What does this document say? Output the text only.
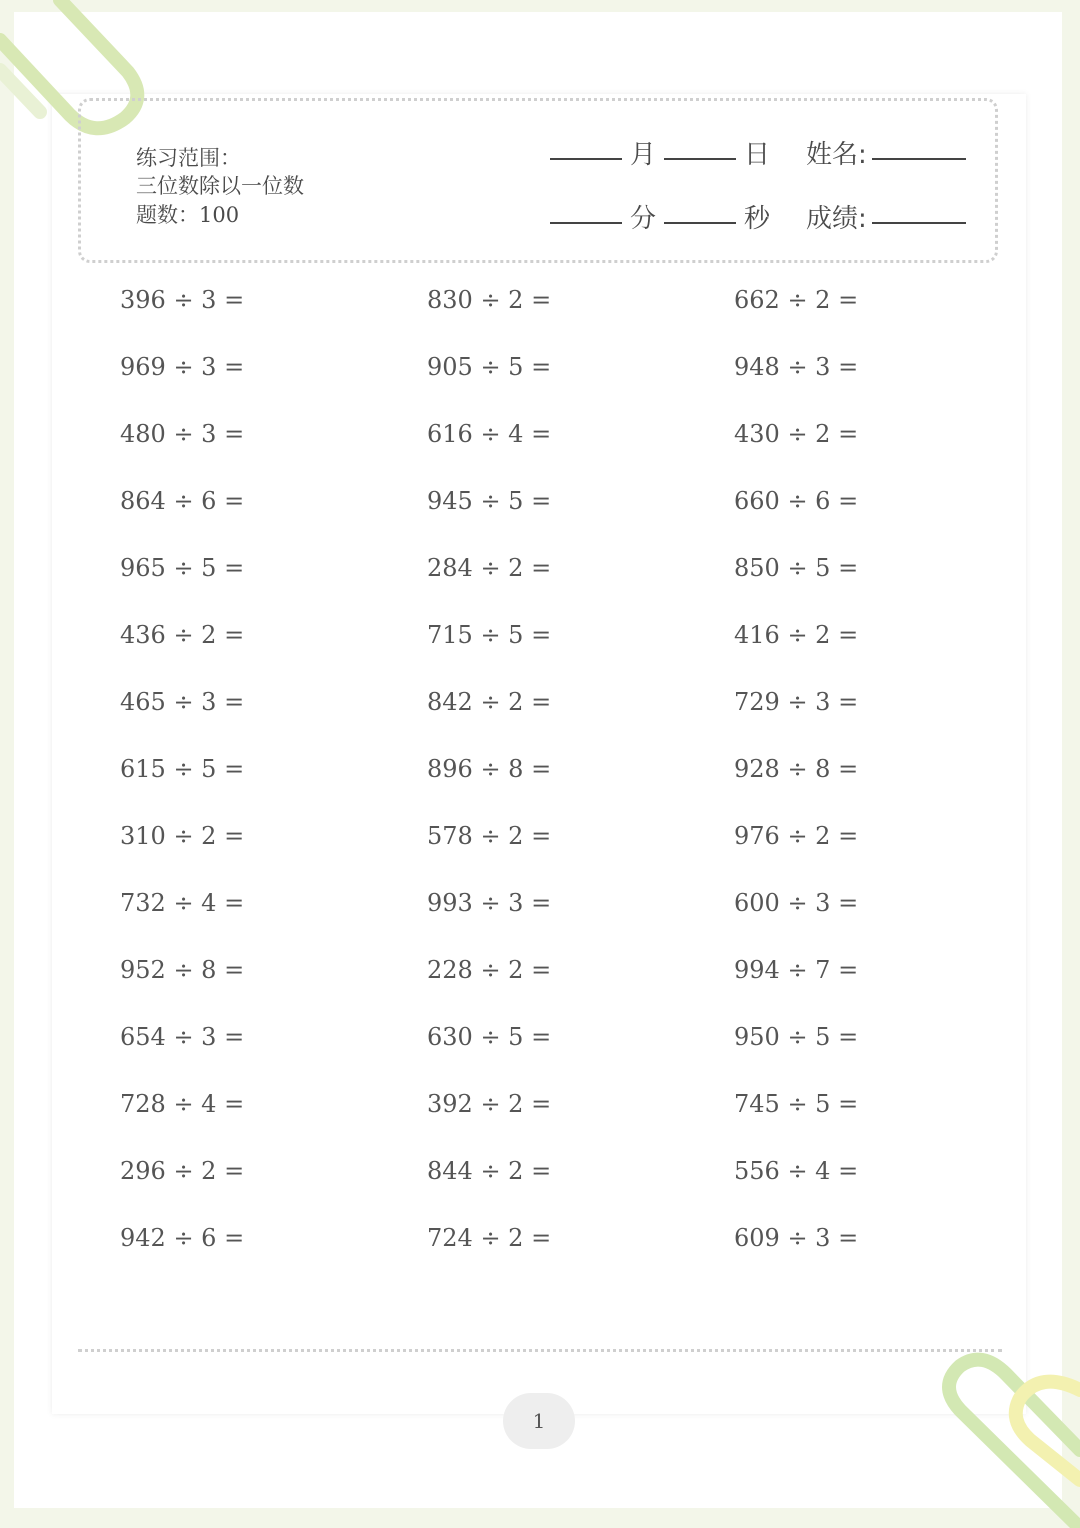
练习范围：
三位数除以一位数
题数：100
月	日 姓名:
分	秒 成绩:
396 ÷ 3 =
969 ÷ 3 =
480 ÷ 3 =
864 ÷ 6 =
965 ÷ 5 =
436 ÷ 2 =
465 ÷ 3 =
615 ÷ 5 =
310 ÷ 2 =
732 ÷ 4 =
952 ÷ 8 =
654 ÷ 3 =
728 ÷ 4 =
296 ÷ 2 =
942 ÷ 6 =
830 ÷ 2 =
905 ÷ 5 =
616 ÷ 4 =
945 ÷ 5 =
284 ÷ 2 =
715 ÷ 5 =
842 ÷ 2 =
896 ÷ 8 =
578 ÷ 2 =
993 ÷ 3 =
228 ÷ 2 =
630 ÷ 5 =
392 ÷ 2 =
844 ÷ 2 =
724 ÷ 2 =
662 ÷ 2 =
948 ÷ 3 =
430 ÷ 2 =
660 ÷ 6 =
850 ÷ 5 =
416 ÷ 2 =
729 ÷ 3 =
928 ÷ 8 =
976 ÷ 2 =
600 ÷ 3 =
994 ÷ 7 =
950 ÷ 5 =
745 ÷ 5 =
556 ÷ 4 =
609 ÷ 3 =
1
